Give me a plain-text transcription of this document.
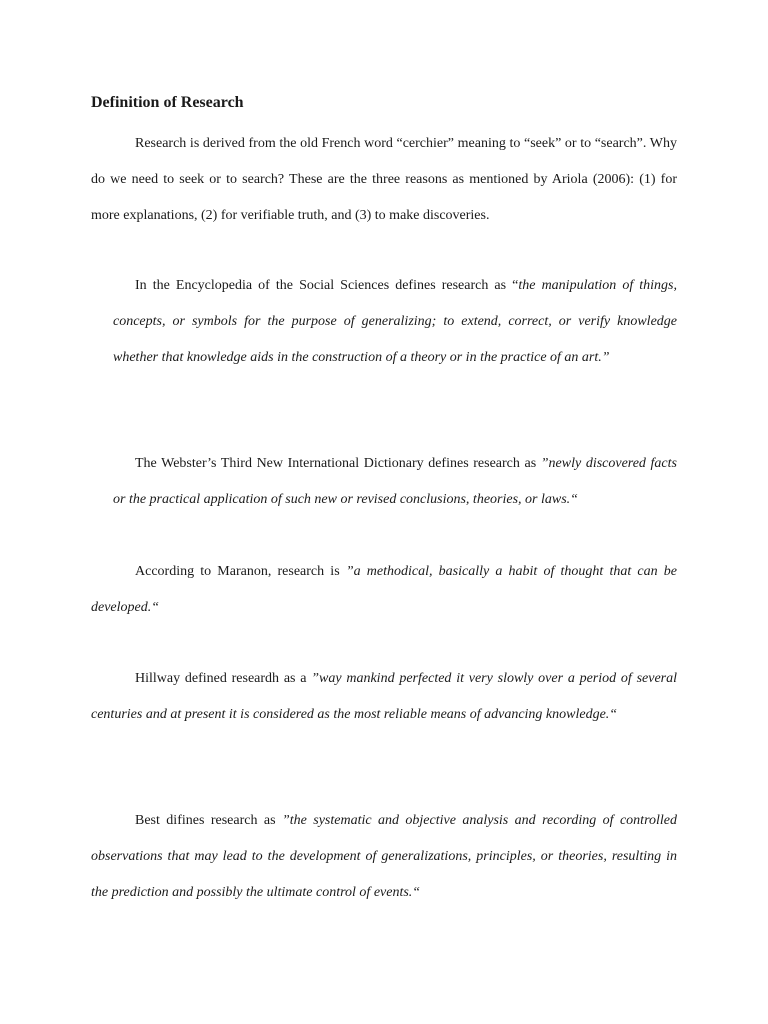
Definition of Research

Research is derived from the old French word “cerchier” meaning to “seek” or to “search”. Why do we need to seek or to search? These are the three reasons as mentioned by Ariola (2006): (1) for more explanations, (2) for verifiable truth, and (3) to make discoveries.

In the Encyclopedia of the Social Sciences defines research as “the manipulation of things, concepts, or symbols for the purpose of generalizing; to extend, correct, or verify knowledge whether that knowledge aids in the construction of a theory or in the practice of an art.”

The Webster’s Third New International Dictionary defines research as ”newly discovered facts or the practical application of such new or revised conclusions, theories, or laws.“

According to Maranon, research is ”a methodical, basically a habit of thought that can be developed.“

Hillway defined researdh as a ”way mankind perfected it very slowly over a period of several centuries and at present it is considered as the most reliable means of advancing knowledge.“

Best difines research as ”the systematic and objective analysis and recording of controlled observations that may lead to the development of generalizations, principles, or theories, resulting in the prediction and possibly the ultimate control of events.“
